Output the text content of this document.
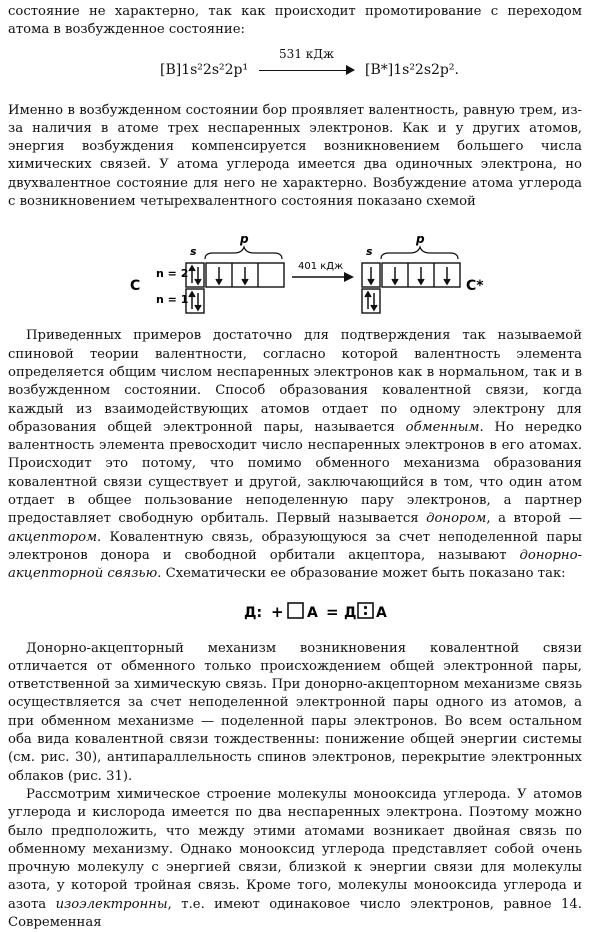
состояние не характерно, так как происходит промотирование с переходом атома в возбужденное состояние:

[B]1s²2s²2p¹
531 кДж
[B*]1s²2s2p².

Именно в возбужденном состоянии бор проявляет валентность, равную трем, из-за наличия в атоме трех неспаренных электронов. Как и у других атомов, энергия возбуждения компенсируется возникновением большего числа химических связей. У атома углерода имеется два одиночных электрона, но двухвалентное состояние для него не характерно. Возбуждение атома углерода с возникновением четырехвалентного состояния показано схемой

C
s
p
n = 2
n = 1
401 кДж
s
p
C*

Приведенных примеров достаточно для подтверждения так называемой спиновой теории валентности, согласно которой валентность элемента определяется общим числом неспаренных электронов как в нормальном, так и в возбужденном состоянии. Способ образования ковалентной связи, когда каждый из взаимодействующих атомов отдает по одному электрону для образования общей электронной пары, называется обменным. Но нередко валентность элемента превосходит число неспаренных электронов в его атомах. Происходит это потому, что помимо обменного механизма образования ковалентной связи существует и другой, заключающийся в том, что один атом отдает в общее пользование неподеленную пару электронов, а партнер предоставляет свободную орбиталь. Первый называется донором, а второй — акцептором. Ковалентную связь, образующуюся за счет неподеленной пары электронов донора и свободной орбитали акцептора, называют донорно-акцепторной связью. Схематически ее образование может быть показано так:

Д: + А = Д А

Донорно-акцепторный механизм возникновения ковалентной связи отличается от обменного только происхождением общей электронной пары, ответственной за химическую связь. При донорно-акцепторном механизме связь осуществляется за счет неподеленной электронной пары одного из атомов, а при обменном механизме — поделенной пары электронов. Во всем остальном оба вида ковалентной связи тождественны: понижение общей энергии системы (см. рис. 30), антипараллельность спинов электронов, перекрытие электронных облаков (рис. 31).

Рассмотрим химическое строение молекулы монооксида углерода. У атомов углерода и кислорода имеется по два неспаренных электрона. Поэтому можно было предположить, что между этими атомами возникает двойная связь по обменному механизму. Однако монооксид углерода представляет собой очень прочную молекулу с энергией связи, близкой к энергии связи для молекулы азота, у которой тройная связь. Кроме того, молекулы монооксида углерода и азота изоэлектронны, т.е. имеют одинаковое число электронов, равное 14. Современная
